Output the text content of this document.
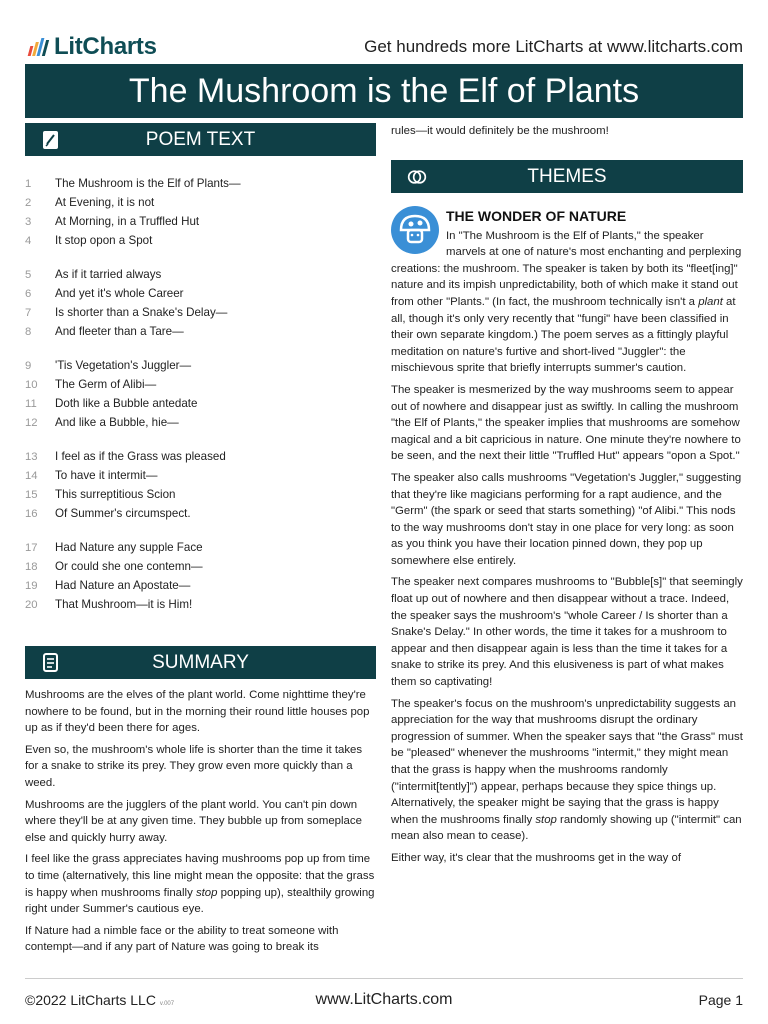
LitCharts	Get hundreds more LitCharts at www.litcharts.com
The Mushroom is the Elf of Plants
POEM TEXT
1	The Mushroom is the Elf of Plants—
2	At Evening, it is not
3	At Morning, in a Truffled Hut
4	It stop opon a Spot
5	As if it tarried always
6	And yet it's whole Career
7	Is shorter than a Snake's Delay—
8	And fleeter than a Tare—
9	'Tis Vegetation's Juggler—
10	The Germ of Alibi—
11	Doth like a Bubble antedate
12	And like a Bubble, hie—
13	I feel as if the Grass was pleased
14	To have it intermit—
15	This surreptitious Scion
16	Of Summer's circumspect.
17	Had Nature any supple Face
18	Or could she one contemn—
19	Had Nature an Apostate—
20	That Mushroom—it is Him!
SUMMARY

Mushrooms are the elves of the plant world. Come nighttime they're nowhere to be found, but in the morning their round little houses pop up as if they'd been there for ages.

Even so, the mushroom's whole life is shorter than the time it takes for a snake to strike its prey. They grow even more quickly than a weed.

Mushrooms are the jugglers of the plant world. You can't pin down where they'll be at any given time. They bubble up from someplace else and quickly hurry away.

I feel like the grass appreciates having mushrooms pop up from time to time (alternatively, this line might mean the opposite: that the grass is happy when mushrooms finally stop popping up), stealthily growing right under Summer's cautious eye.

If Nature had a nimble face or the ability to treat someone with contempt—and if any part of Nature was going to break its

rules—it would definitely be the mushroom!
THEMES
THE WONDER OF NATURE

In "The Mushroom is the Elf of Plants," the speaker marvels at one of nature's most enchanting and perplexing creations: the mushroom. The speaker is taken by both its "fleet[ing]" nature and its impish unpredictability, both of which make it stand out from other "Plants." (In fact, the mushroom technically isn't a plant at all, though it's only very recently that "fungi" have been classified in their own separate kingdom.) The poem serves as a fittingly playful meditation on nature's furtive and short-lived "Juggler": the mischievous sprite that briefly interrupts summer's caution.

The speaker is mesmerized by the way mushrooms seem to appear out of nowhere and disappear just as swiftly. In calling the mushroom "the Elf of Plants," the speaker implies that mushrooms are somehow magical and a bit capricious in nature. One minute they're nowhere to be seen, and the next their little "Truffled Hut" appears "opon a Spot."

The speaker also calls mushrooms "Vegetation's Juggler," suggesting that they're like magicians performing for a rapt audience, and the "Germ" (the spark or seed that starts something) "of Alibi." This nods to the way mushrooms don't stay in one place for very long: as soon as you think you have their location pinned down, they pop up somewhere else entirely.

The speaker next compares mushrooms to "Bubble[s]" that seemingly float up out of nowhere and then disappear without a trace. Indeed, the speaker says the mushroom's "whole Career / Is shorter than a Snake's Delay." In other words, the time it takes for a mushroom to appear and then disappear again is less than the time it takes for a snake to strike its prey. And this elusiveness is part of what makes them so captivating!

The speaker's focus on the mushroom's unpredictability suggests an appreciation for the way that mushrooms disrupt the ordinary progression of summer. When the speaker says that "the Grass" must be "pleased" whenever the mushrooms "intermit," they might mean that the grass is happy when the mushrooms randomly ("intermit[tently]") appear, perhaps because they spice things up. Alternatively, the speaker might be saying that the grass is happy when the mushrooms finally stop randomly showing up ("intermit" can mean also mean to cease).

Either way, it's clear that the mushrooms get in the way of

©2022 LitCharts LLC v.007	www.LitCharts.com	Page 1
